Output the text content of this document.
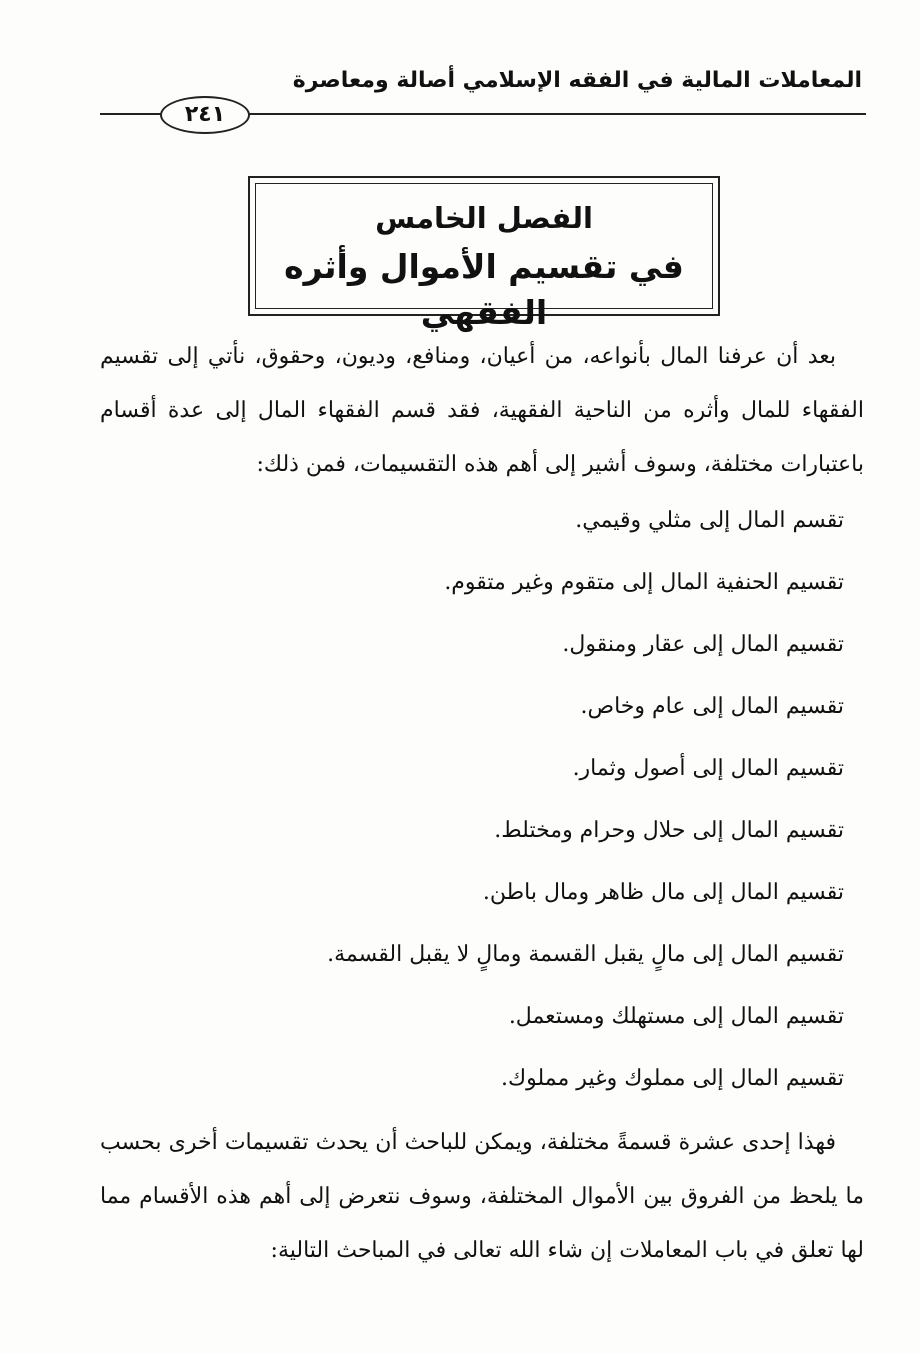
المعاملات المالية في الفقه الإسلامي أصالة ومعاصرة
٢٤١
الفصل الخامس
في تقسيم الأموال وأثره الفقهي
بعد أن عرفنا المال بأنواعه، من أعيان، ومنافع، وديون، وحقوق، نأتي إلى تقسيم الفقهاء للمال وأثره من الناحية الفقهية، فقد قسم الفقهاء المال إلى عدة أقسام باعتبارات مختلفة، وسوف أشير إلى أهم هذه التقسيمات، فمن ذلك:
تقسم المال إلى مثلي وقيمي.
تقسيم الحنفية المال إلى متقوم وغير متقوم.
تقسيم المال إلى عقار ومنقول.
تقسيم المال إلى عام وخاص.
تقسيم المال إلى أصول وثمار.
تقسيم المال إلى حلال وحرام ومختلط.
تقسيم المال إلى مال ظاهر ومال باطن.
تقسيم المال إلى مالٍ يقبل القسمة ومالٍ لا يقبل القسمة.
تقسيم المال إلى مستهلك ومستعمل.
تقسيم المال إلى مملوك وغير مملوك.
فهذا إحدى عشرة قسمةً مختلفة، ويمكن للباحث أن يحدث تقسيمات أخرى بحسب ما يلحظ من الفروق بين الأموال المختلفة، وسوف نتعرض إلى أهم هذه الأقسام مما لها تعلق في باب المعاملات إن شاء الله تعالى في المباحث التالية:
